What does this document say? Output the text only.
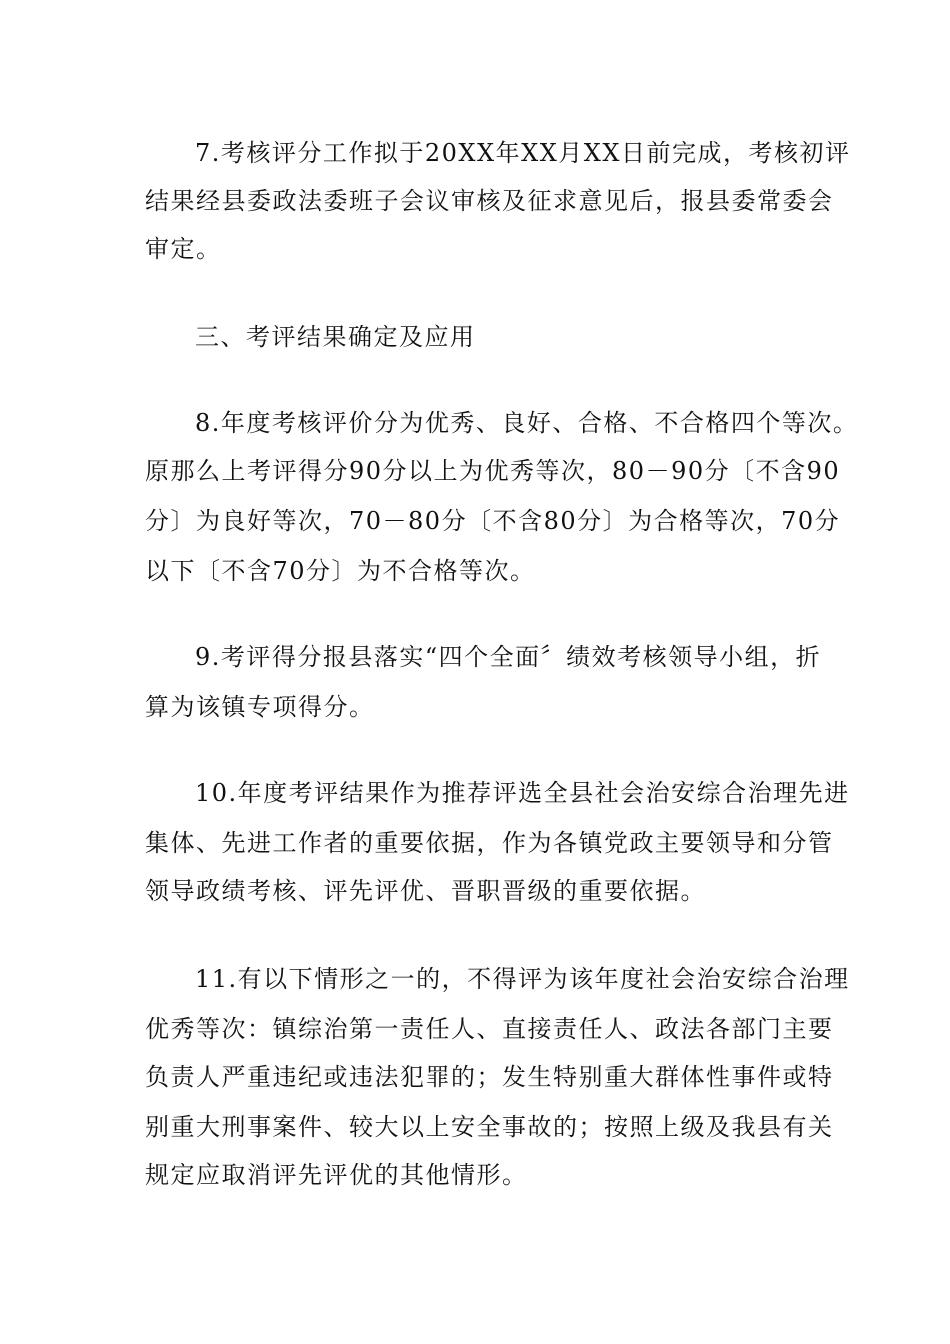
7.考核评分工作拟于20XX年XX月XX日前完成，考核初评
结果经县委政法委班子会议审核及征求意见后，报县委常委会
审定。
三、考评结果确定及应用
8.年度考核评价分为优秀、良好、合格、不合格四个等次。
原那么上考评得分90分以上为优秀等次，80－90分〔不含90
分〕为良好等次，70－80分〔不含80分〕为合格等次，70分
以下〔不含70分〕为不合格等次。
9.考评得分报县落实“四个全面〞绩效考核领导小组，折
算为该镇专项得分。
10.年度考评结果作为推荐评选全县社会治安综合治理先进
集体、先进工作者的重要依据，作为各镇党政主要领导和分管
领导政绩考核、评先评优、晋职晋级的重要依据。
11.有以下情形之一的，不得评为该年度社会治安综合治理
优秀等次：镇综治第一责任人、直接责任人、政法各部门主要
负责人严重违纪或违法犯罪的；发生特别重大群体性事件或特
别重大刑事案件、较大以上安全事故的；按照上级及我县有关
规定应取消评先评优的其他情形。
